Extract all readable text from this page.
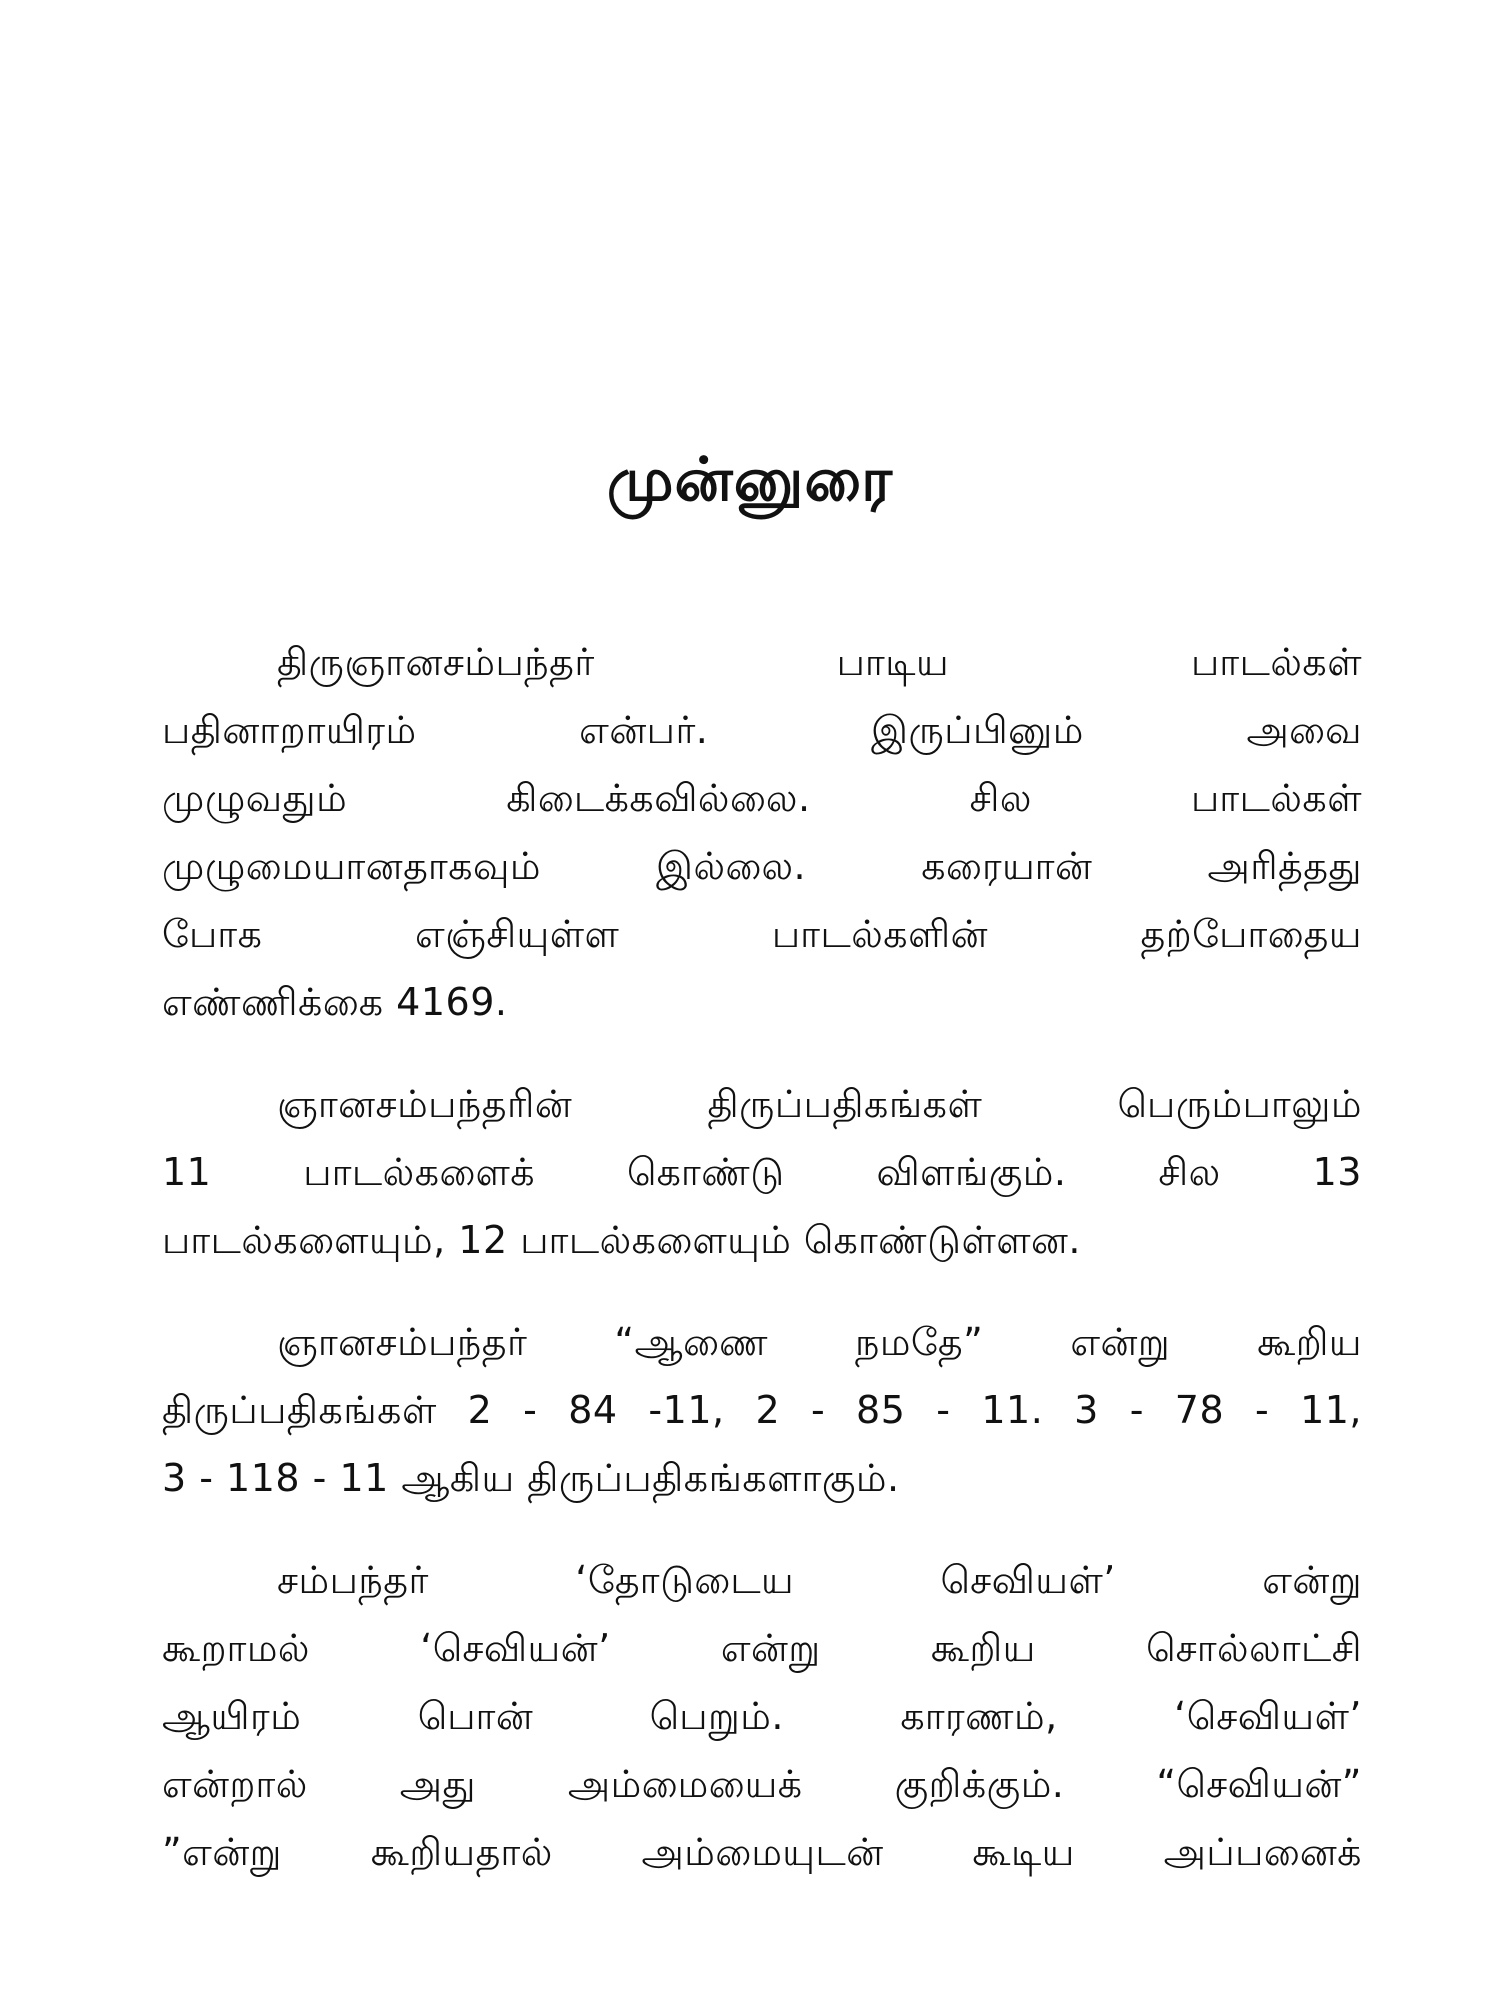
முன்னுரை
திருஞானசம்பந்தர் பாடிய பாடல்கள்
பதினாறாயிரம் என்பர். இருப்பினும் அவை
முழுவதும் கிடைக்கவில்லை. சில பாடல்கள்
முழுமையானதாகவும் இல்லை. கரையான் அரித்தது
போக எஞ்சியுள்ள பாடல்களின் தற்போதைய
எண்ணிக்கை 4169.
ஞானசம்பந்தரின் திருப்பதிகங்கள் பெரும்பாலும்
11 பாடல்களைக் கொண்டு விளங்கும். சில 13
பாடல்களையும், 12 பாடல்களையும் கொண்டுள்ளன.
ஞானசம்பந்தர் “ஆணை நமதே” என்று கூறிய
திருப்பதிகங்கள் 2 - 84 -11, 2 - 85 - 11. 3 - 78 - 11,
3 - 118 - 11 ஆகிய திருப்பதிகங்களாகும்.
சம்பந்தர் ‘தோடுடைய செவியள்’ என்று
கூறாமல் ‘செவியன்’ என்று கூறிய சொல்லாட்சி
ஆயிரம் பொன் பெறும். காரணம், ‘செவியள்’
என்றால் அது அம்மையைக் குறிக்கும். “செவியன்”
”என்று கூறியதால் அம்மையுடன் கூடிய அப்பனைக்
